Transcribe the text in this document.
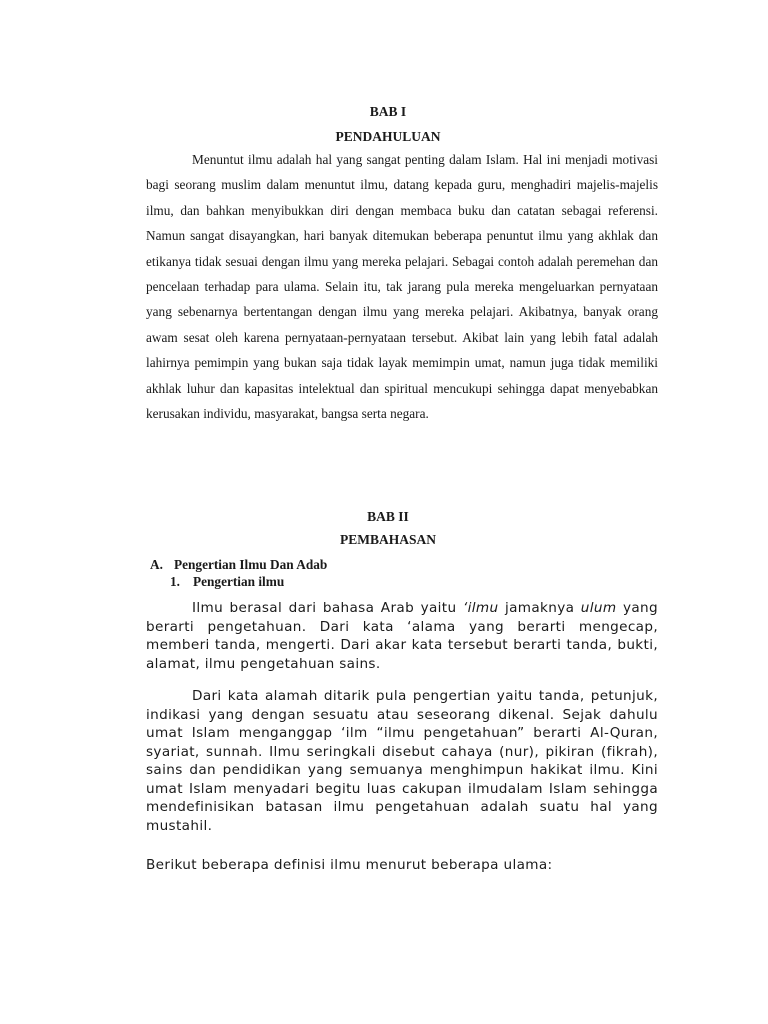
BAB I
PENDAHULUAN

Menuntut ilmu adalah hal yang sangat penting dalam Islam. Hal ini menjadi motivasi bagi seorang muslim dalam menuntut ilmu, datang kepada guru, menghadiri majelis-majelis ilmu, dan bahkan menyibukkan diri dengan membaca buku dan catatan sebagai referensi. Namun sangat disayangkan, hari banyak ditemukan beberapa penuntut ilmu yang akhlak dan etikanya tidak sesuai dengan ilmu yang mereka pelajari. Sebagai contoh adalah peremehan dan pencelaan terhadap para ulama. Selain itu, tak jarang pula mereka mengeluarkan pernyataan yang sebenarnya bertentangan dengan ilmu yang mereka pelajari. Akibatnya, banyak orang awam sesat oleh karena pernyataan-pernyataan tersebut. Akibat lain yang lebih fatal adalah lahirnya pemimpin yang bukan saja tidak layak memimpin umat, namun juga tidak memiliki akhlak luhur dan kapasitas intelektual dan spiritual mencukupi sehingga dapat menyebabkan kerusakan individu, masyarakat, bangsa serta negara.

BAB II
PEMBAHASAN
A. Pengertian Ilmu Dan Adab
1. Pengertian ilmu

Ilmu berasal dari bahasa Arab yaitu ‘ilmu jamaknya ulum yang berarti pengetahuan. Dari kata ‘alama yang berarti mengecap, memberi tanda, mengerti. Dari akar kata tersebut berarti tanda, bukti, alamat, ilmu pengetahuan sains.

Dari kata alamah ditarik pula pengertian yaitu tanda, petunjuk, indikasi yang dengan sesuatu atau seseorang dikenal. Sejak dahulu umat Islam menganggap ‘ilm “ilmu pengetahuan” berarti Al-Quran, syariat, sunnah. Ilmu seringkali disebut cahaya (nur), pikiran (fikrah), sains dan pendidikan yang semuanya menghimpun hakikat ilmu. Kini umat Islam menyadari begitu luas cakupan ilmudalam Islam sehingga mendefinisikan batasan ilmu pengetahuan adalah suatu hal yang mustahil.

Berikut beberapa definisi ilmu menurut beberapa ulama:
